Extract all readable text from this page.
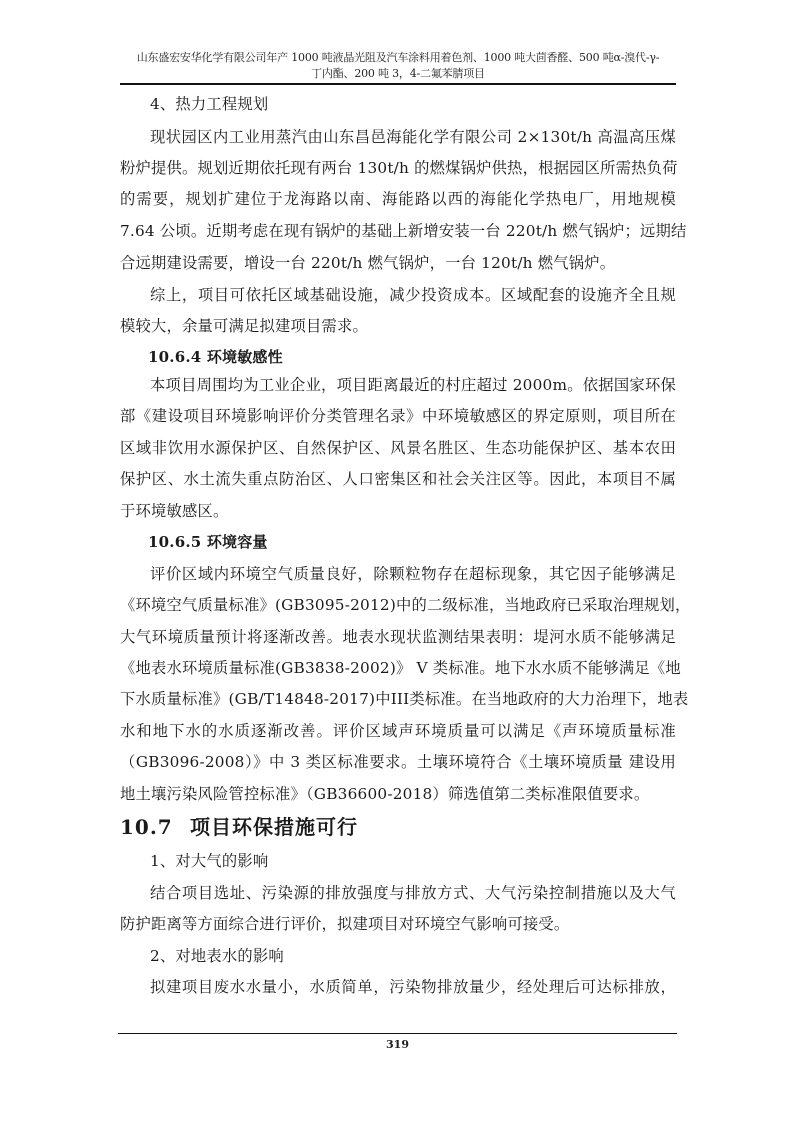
山东盛宏安华化学有限公司年产 1000 吨液晶光阻及汽车涂料用着色剂、1000 吨大茴香醛、500 吨α-溴代-γ-
丁内酯、200 吨 3，4-二氟苯腈项目
4、热力工程规划
现状园区内工业用蒸汽由山东昌邑海能化学有限公司 2×130t/h 高温高压煤
粉炉提供。规划近期依托现有两台 130t/h 的燃煤锅炉供热，根据园区所需热负荷
的需要，规划扩建位于龙海路以南、海能路以西的海能化学热电厂，用地规模
7.64 公顷。近期考虑在现有锅炉的基础上新增安装一台 220t/h 燃气锅炉；远期结
合远期建设需要，增设一台 220t/h 燃气锅炉，一台 120t/h 燃气锅炉。
综上，项目可依托区域基础设施，减少投资成本。区域配套的设施齐全且规
模较大，余量可满足拟建项目需求。
10.6.4 环境敏感性
本项目周围均为工业企业，项目距离最近的村庄超过 2000m。依据国家环保
部《建设项目环境影响评价分类管理名录》中环境敏感区的界定原则，项目所在
区域非饮用水源保护区、自然保护区、风景名胜区、生态功能保护区、基本农田
保护区、水土流失重点防治区、人口密集区和社会关注区等。因此，本项目不属
于环境敏感区。
10.6.5 环境容量
评价区域内环境空气质量良好，除颗粒物存在超标现象，其它因子能够满足
《环境空气质量标准》(GB3095-2012)中的二级标准，当地政府已采取治理规划，
大气环境质量预计将逐渐改善。地表水现状监测结果表明：堤河水质不能够满足
《地表水环境质量标准(GB3838-2002)》 V 类标准。地下水水质不能够满足《地
下水质量标准》(GB/T14848-2017)中III类标准。在当地政府的大力治理下，地表
水和地下水的水质逐渐改善。评价区域声环境质量可以满足《声环境质量标准
（GB3096-2008）》中 3 类区标准要求。土壤环境符合《土壤环境质量 建设用
地土壤污染风险管控标准》（GB36600-2018）筛选值第二类标准限值要求。
10.7 项目环保措施可行
1、对大气的影响
结合项目选址、污染源的排放强度与排放方式、大气污染控制措施以及大气
防护距离等方面综合进行评价，拟建项目对环境空气影响可接受。
2、对地表水的影响
拟建项目废水水量小，水质简单，污染物排放量少，经处理后可达标排放，
319
